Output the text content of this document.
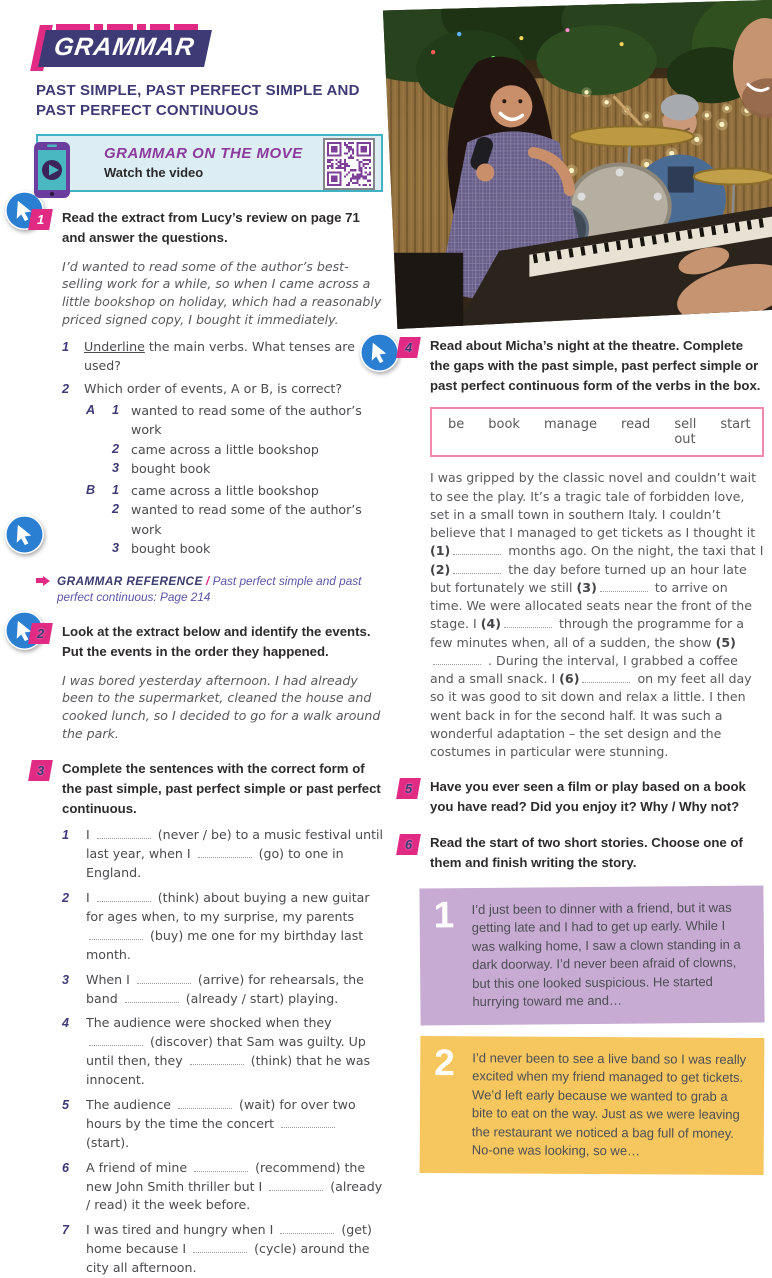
GRAMMAR
PAST SIMPLE, PAST PERFECT SIMPLE AND PAST PERFECT CONTINUOUS
GRAMMAR ON THE MOVE
Watch the video
1 Read the extract from Lucy’s review on page 71 and answer the questions.

I’d wanted to read some of the author’s best-selling work for a while, so when I came across a little bookshop on holiday, which had a reasonably priced signed copy, I bought it immediately.

1 Underline the main verbs. What tenses are used?
2 Which order of events, A or B, is correct?
A 1 wanted to read some of the author’s work
2 came across a little bookshop
3 bought book
B 1 came across a little bookshop
2 wanted to read some of the author’s work
3 bought book

GRAMMAR REFERENCE / Past perfect simple and past perfect continuous: Page 214

2 Look at the extract below and identify the events. Put the events in the order they happened.

I was bored yesterday afternoon. I had already been to the supermarket, cleaned the house and cooked lunch, so I decided to go for a walk around the park.

3 Complete the sentences with the correct form of the past simple, past perfect simple or past perfect continuous.

1 I	(never / be) to a music festival until last year, when I	(go) to one in England.
2 I	(think) about buying a new guitar for ages when, to my surprise, my parents  (buy) me one for my birthday last month.
3 When I	(arrive) for rehearsals, the band	(already / start) playing.
4 The audience were shocked when they  (discover) that Sam was guilty. Up until then, they	(think) that he was innocent.
5 The audience	(wait) for over two hours by the time the concert  (start).
6 A friend of mine	(recommend) the new John Smith thriller but I	(already / read) it the week before.
7 I was tired and hungry when I	(get) home because I	(cycle) around the city all afternoon.
4 Read about Micha’s night at the theatre. Complete the gaps with the past simple, past perfect simple or past perfect continuous form of the verbs in the box.

be book manage read sell out
start

I was gripped by the classic novel and couldn’t wait to see the play. It’s a tragic tale of forbidden love, set in a small town in southern Italy. I couldn’t believe that I managed to get tickets as I thought it (1)	months ago. On the night, the taxi that I (2)	the day before turned up an hour late but fortunately we still (3)	to arrive on time. We were allocated seats near the front of the stage. I (4)	through the programme for a few minutes when, all of a sudden, the show (5) . During the interval, I grabbed a coffee and a small snack. I (6)	on my feet all day so it was good to sit down and relax a little. I then went back in for the second half. It was such a wonderful adaptation – the set design and the costumes in particular were stunning.

5 Have you ever seen a film or play based on a book you have read? Did you enjoy it? Why / Why not?

6 Read the start of two short stories. Choose one of them and finish writing the story.

1 I’d just been to dinner with a friend, but it was getting late and I had to get up early. While I was walking home, I saw a clown standing in a dark doorway. I’d never been afraid of clowns, but this one looked suspicious. He started hurrying toward me and…

2 I’d never been to see a live band so I was really excited when my friend managed to get tickets. We’d left early because we wanted to grab a bite to eat on the way. Just as we were leaving the restaurant we noticed a bag full of money. No-one was looking, so we…
